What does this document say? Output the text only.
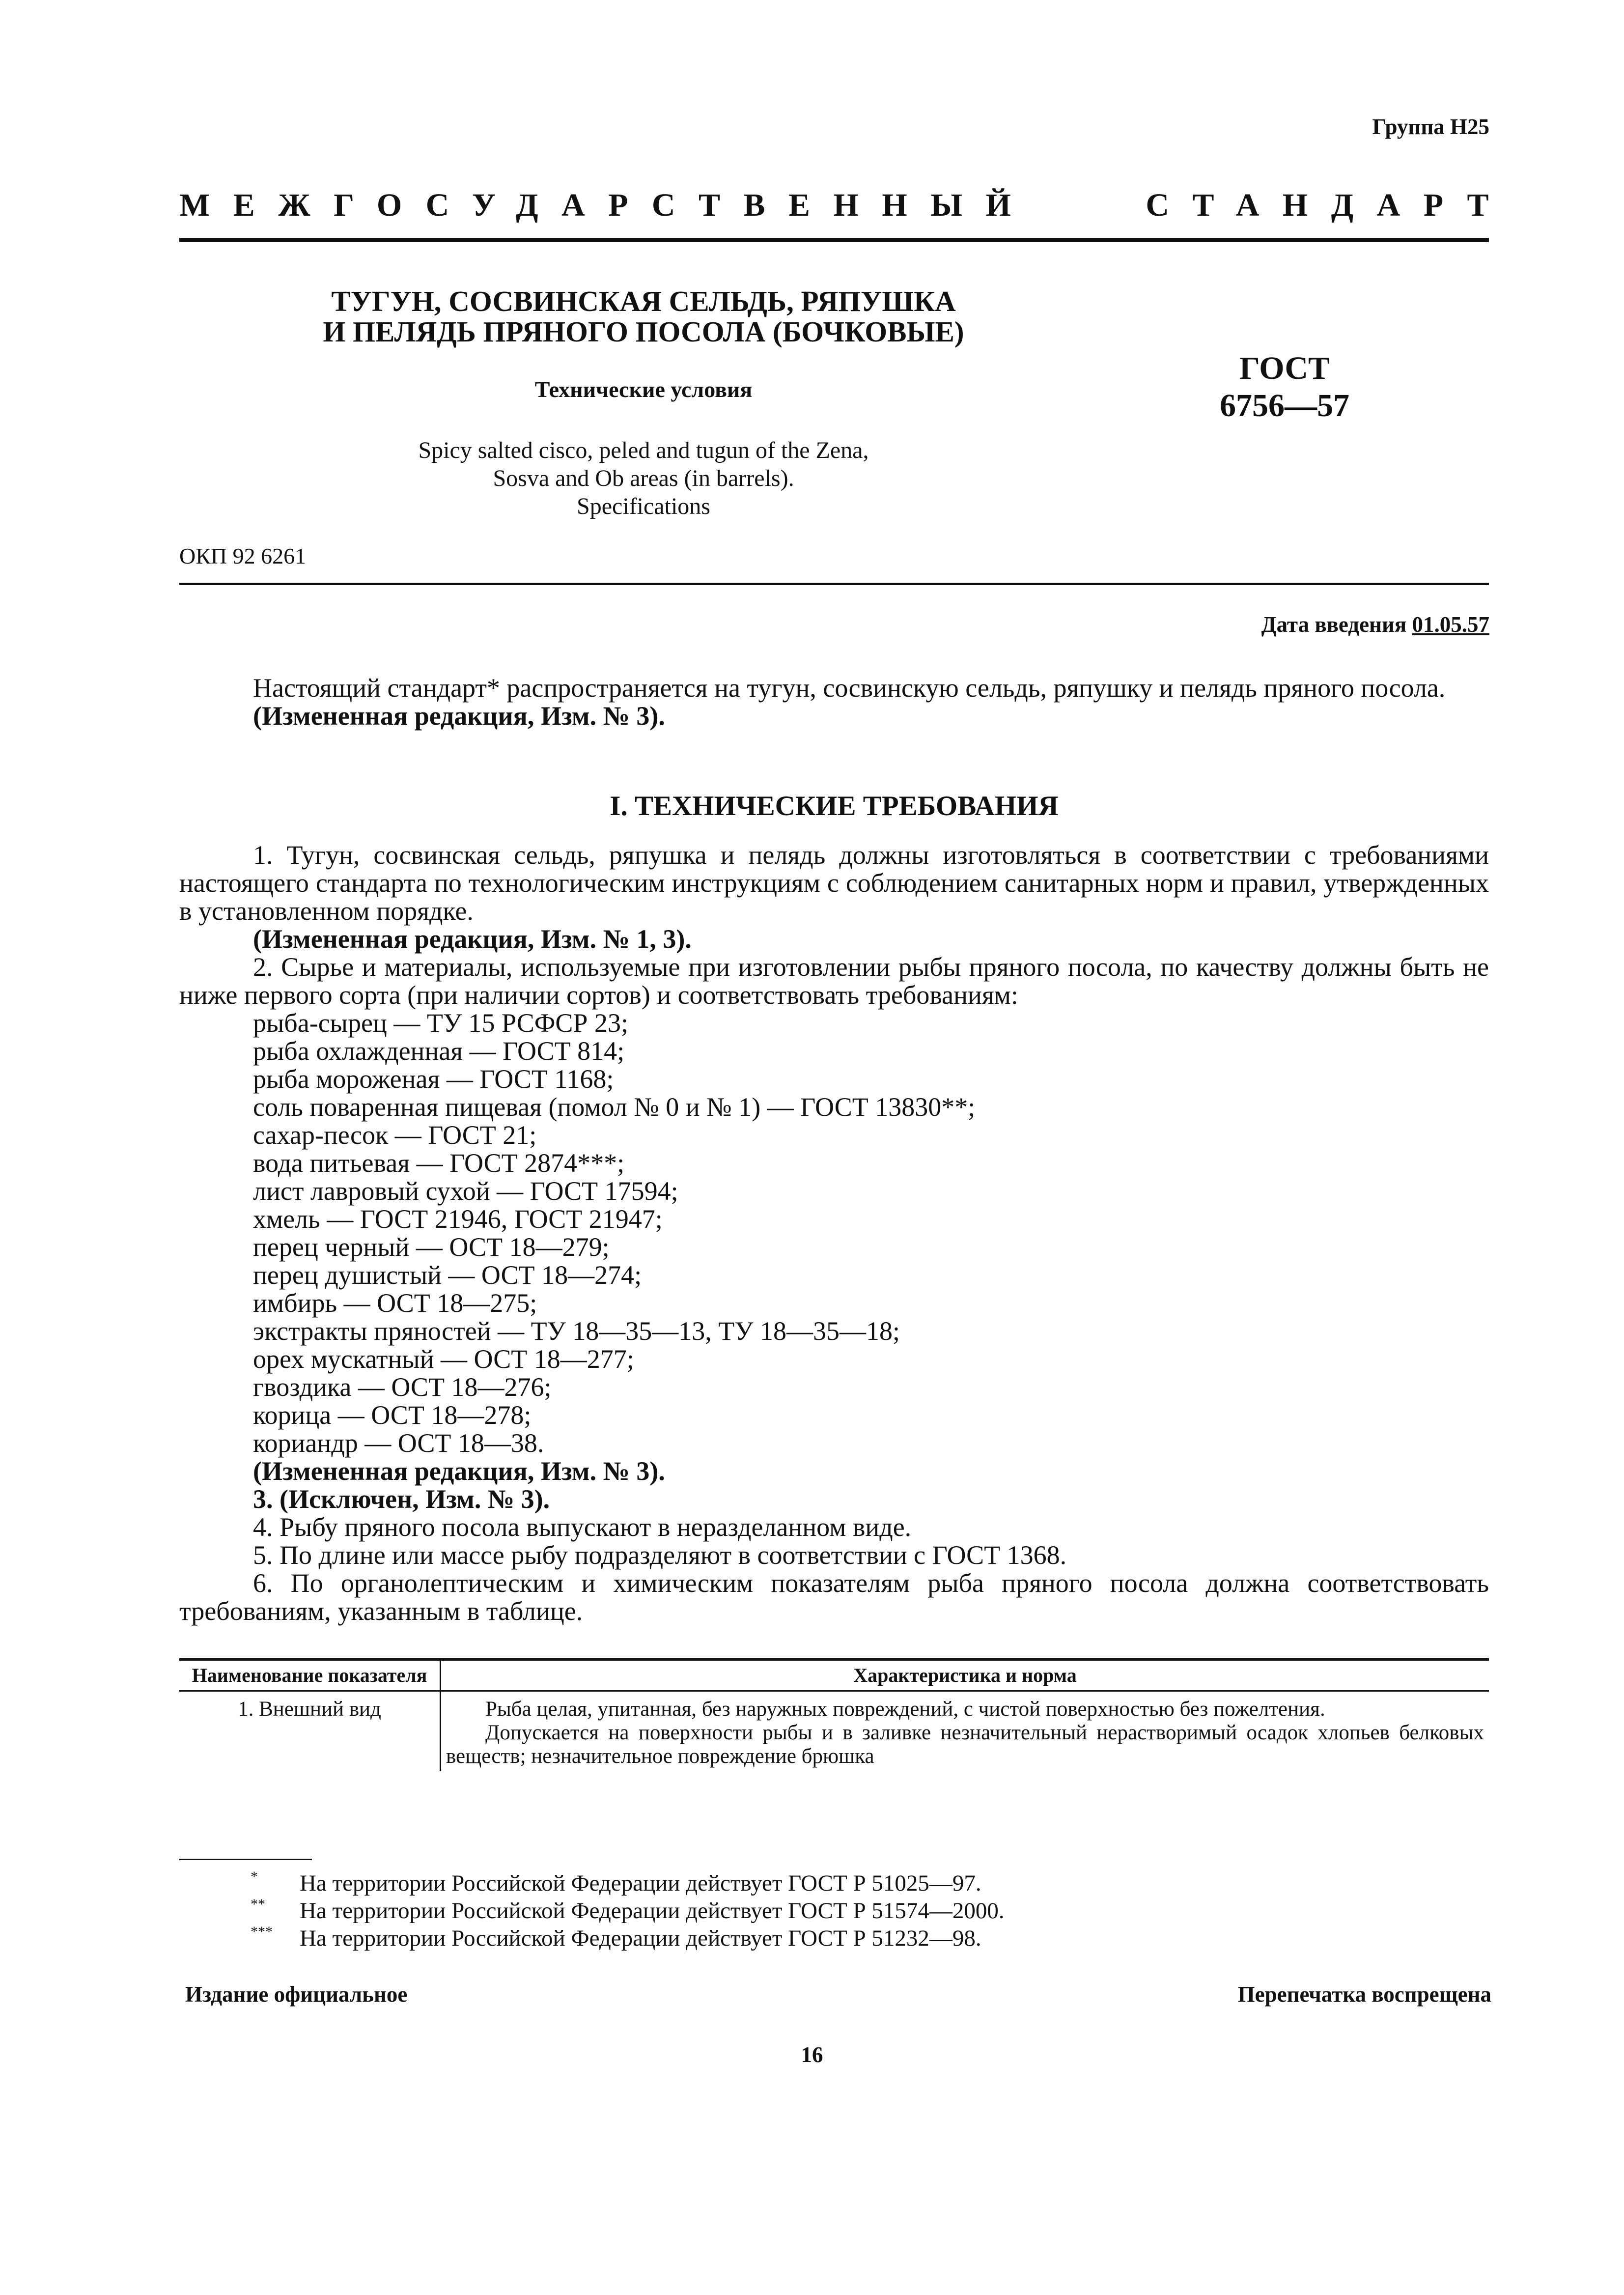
Группа Н25
МЕЖГОСУДАРСТВЕННЫЙ	СТАНДАРТ
ТУГУН, СОСВИНСКАЯ СЕЛЬДЬ, РЯПУШКА
И ПЕЛЯДЬ ПРЯНОГО ПОСОЛА (БОЧКОВЫЕ)
Технические условия
ГОСТ
6756—57
Spicy salted cisco, peled and tugun of the Zena,
Sosva and Ob areas (in barrels).
Specifications
ОКП 92 6261
Дата введения 01.05.57

Настоящий стандарт* распространяется на тугун, сосвинскую сельдь, ряпушку и пелядь пряного посола.

(Измененная редакция, Изм. № 3).

I. ТЕХНИЧЕСКИЕ ТРЕБОВАНИЯ

1. Тугун, сосвинская сельдь, ряпушка и пелядь должны изготовляться в соответствии с требованиями настоящего стандарта по технологическим инструкциям с соблюдением санитарных норм и правил, утвержденных в установленном порядке.

(Измененная редакция, Изм. № 1, 3).

2. Сырье и материалы, используемые при изготовлении рыбы пряного посола, по качеству должны быть не ниже первого сорта (при наличии сортов) и соответствовать требованиям:

рыба-сырец — ТУ 15 РСФСР 23;

рыба охлажденная — ГОСТ 814;

рыба мороженая — ГОСТ 1168;

соль поваренная пищевая (помол № 0 и № 1) — ГОСТ 13830**;

сахар-песок — ГОСТ 21;

вода питьевая — ГОСТ 2874***;

лист лавровый сухой — ГОСТ 17594;

хмель — ГОСТ 21946, ГОСТ 21947;

перец черный — ОСТ 18—279;

перец душистый — ОСТ 18—274;

имбирь — ОСТ 18—275;

экстракты пряностей — ТУ 18—35—13, ТУ 18—35—18;

орех мускатный — ОСТ 18—277;

гвоздика — ОСТ 18—276;

корица — ОСТ 18—278;

кориандр — ОСТ 18—38.

(Измененная редакция, Изм. № 3).

3. (Исключен, Изм. № 3).

4. Рыбу пряного посола выпускают в неразделанном виде.

5. По длине или массе рыбу подразделяют в соответствии с ГОСТ 1368.

6. По органолептическим и химическим показателям рыба пряного посола должна соответствовать требованиям, указанным в таблице.

Наименование показателя	Характеристика и норма
1. Внешний вид	Рыба целая, упитанная, без наружных повреждений, с чистой поверхностью без пожелтения.

Допускается на поверхности рыбы и в заливке незначительный нерастворимый осадок хлопьев белковых веществ; незначительное повреждение брюшка

*	На территории Российской Федерации действует ГОСТ Р 51025—97.
**	На территории Российской Федерации действует ГОСТ Р 51574—2000.
***	На территории Российской Федерации действует ГОСТ Р 51232—98.
Издание официальное	Перепечатка воспрещена
16
